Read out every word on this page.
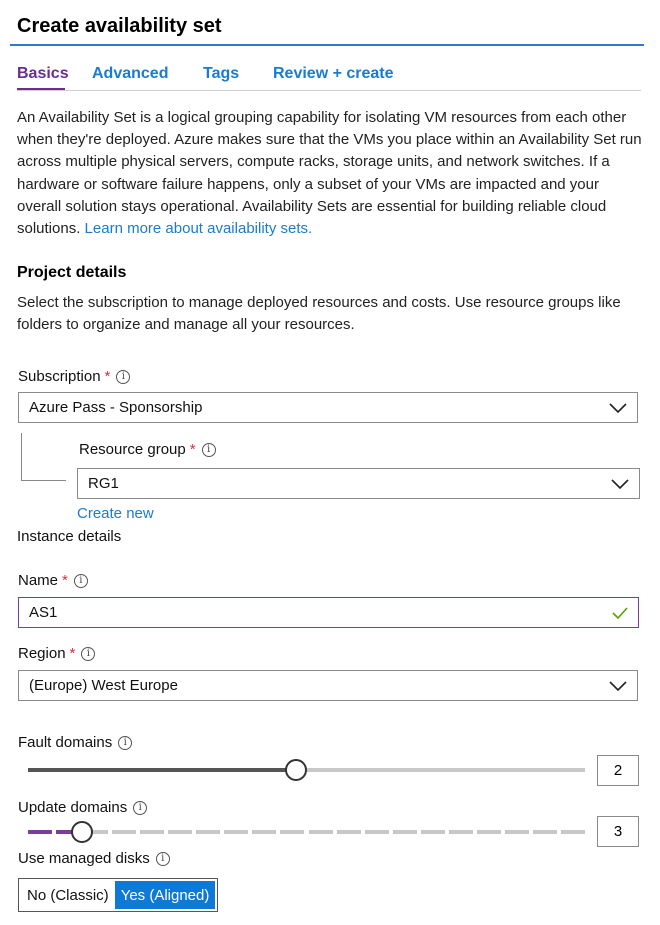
Create availability set
Basics Advanced Tags Review + create
An Availability Set is a logical grouping capability for isolating VM resources from each other when they're deployed. Azure makes sure that the VMs you place within an Availability Set run across multiple physical servers, compute racks, storage units, and network switches. If a hardware or software failure happens, only a subset of your VMs are impacted and your overall solution stays operational. Availability Sets are essential for building reliable cloud solutions. Learn more about availability sets.
Project details
Select the subscription to manage deployed resources and costs. Use resource groups like folders to organize and manage all your resources.
Subscription *	i
Azure Pass - Sponsorship
Resource group *	i
RG1
Create new
Instance details
Name *	i
AS1
Region *	i
(Europe) West Europe
Fault domains	i
2
Update domains	i
3
Use managed disks	i
No (Classic) Yes (Aligned)
